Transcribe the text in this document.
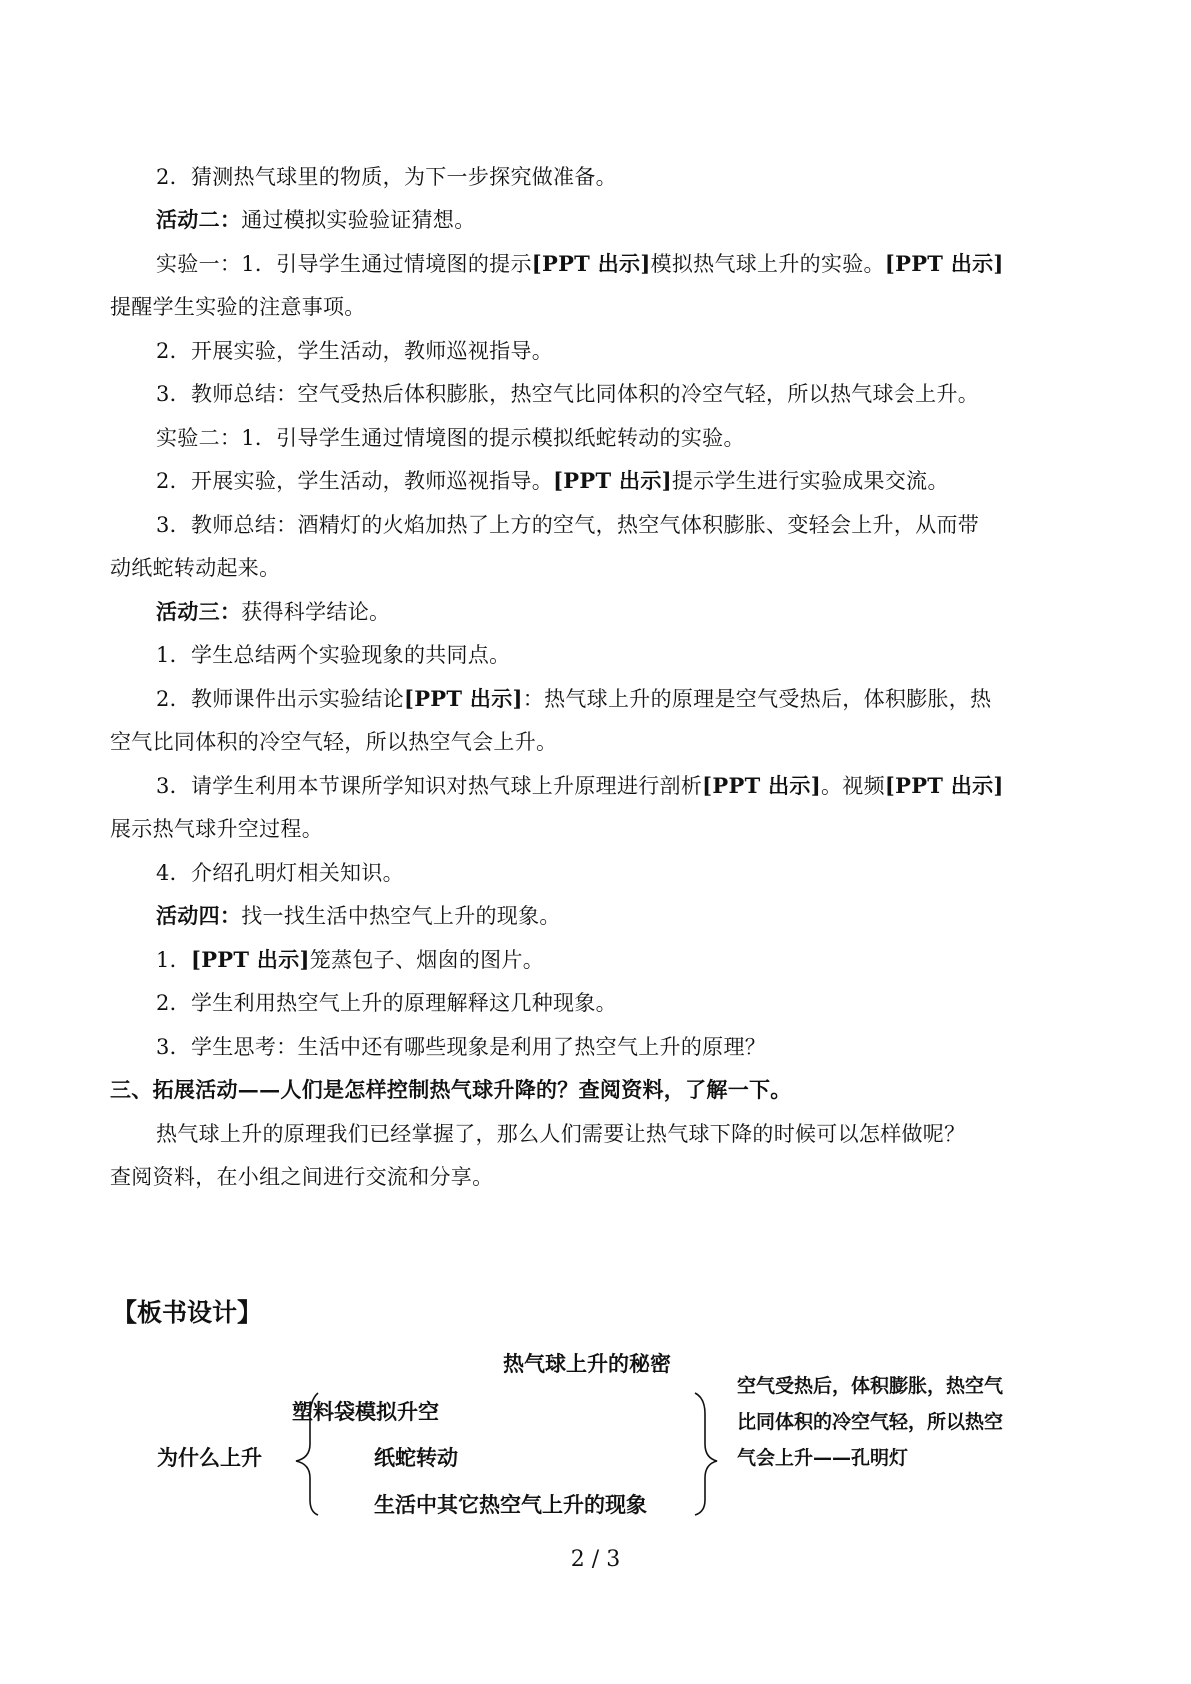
2．猜测热气球里的物质，为下一步探究做准备。
活动二：通过模拟实验验证猜想。
实验一：1．引导学生通过情境图的提示[PPT 出示]模拟热气球上升的实验。[PPT 出示]
提醒学生实验的注意事项。
2．开展实验，学生活动，教师巡视指导。
3．教师总结：空气受热后体积膨胀，热空气比同体积的冷空气轻，所以热气球会上升。
实验二：1．引导学生通过情境图的提示模拟纸蛇转动的实验。
2．开展实验，学生活动，教师巡视指导。[PPT 出示]提示学生进行实验成果交流。
3．教师总结：酒精灯的火焰加热了上方的空气，热空气体积膨胀、变轻会上升，从而带
动纸蛇转动起来。
活动三：获得科学结论。
1．学生总结两个实验现象的共同点。
2．教师课件出示实验结论[PPT 出示]：热气球上升的原理是空气受热后，体积膨胀，热
空气比同体积的冷空气轻，所以热空气会上升。
3．请学生利用本节课所学知识对热气球上升原理进行剖析[PPT 出示]。视频[PPT 出示]
展示热气球升空过程。
4．介绍孔明灯相关知识。
活动四：找一找生活中热空气上升的现象。
1．[PPT 出示]笼蒸包子、烟囱的图片。
2．学生利用热空气上升的原理解释这几种现象。
3．学生思考：生活中还有哪些现象是利用了热空气上升的原理？
三、拓展活动——人们是怎样控制热气球升降的？查阅资料，了解一下。
热气球上升的原理我们已经掌握了，那么人们需要让热气球下降的时候可以怎样做呢？
查阅资料，在小组之间进行交流和分享。
【板书设计】
热气球上升的秘密
塑料袋模拟升空
为什么上升	纸蛇转动
生活中其它热空气上升的现象
空气受热后，体积膨胀，热空气
比同体积的冷空气轻，所以热空
气会上升——孔明灯
2 / 3
